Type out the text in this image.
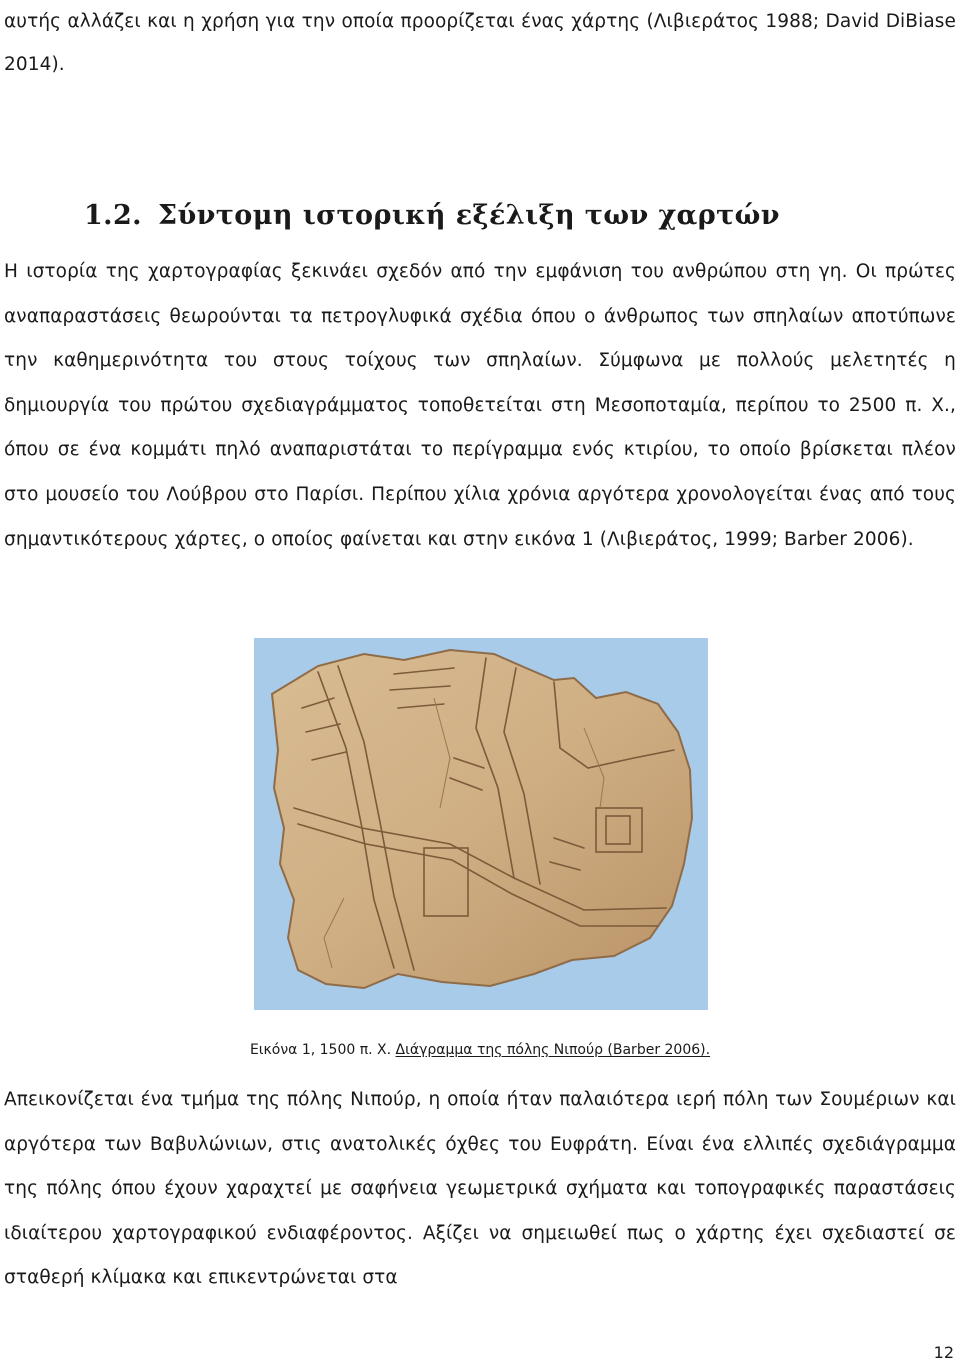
αυτής αλλάζει και η χρήση για την οποία προορίζεται ένας χάρτης (Λιβιεράτος 1988; David DiBiase 2014).

1.2. Σύντομη ιστορική εξέλιξη των χαρτών

Η ιστορία της χαρτογραφίας ξεκινάει σχεδόν από την εμφάνιση του ανθρώπου στη γη. Οι πρώτες αναπαραστάσεις θεωρούνται τα πετρογλυφικά σχέδια όπου ο άνθρωπος των σπηλαίων αποτύπωνε την καθημερινότητα του στους τοίχους των σπηλαίων. Σύμφωνα με πολλούς μελετητές η δημιουργία του πρώτου σχεδιαγράμματος τοποθετείται στη Μεσοποταμία, περίπου το 2500 π. Χ., όπου σε ένα κομμάτι πηλό αναπαριστάται το περίγραμμα ενός κτιρίου, το οποίο βρίσκεται πλέον στο μουσείο του Λούβρου στο Παρίσι. Περίπου χίλια χρόνια αργότερα χρονολογείται ένας από τους σημαντικότερους χάρτες, ο οποίος φαίνεται και στην εικόνα 1 (Λιβιεράτος, 1999; Barber 2006).

Εικόνα 1, 1500 π. Χ. Διάγραμμα της πόλης Νιπούρ (Barber 2006).

Απεικονίζεται ένα τμήμα της πόλης Νιπούρ, η οποία ήταν παλαιότερα ιερή πόλη των Σουμέριων και αργότερα των Βαβυλώνιων, στις ανατολικές όχθες του Ευφράτη. Είναι ένα ελλιπές σχεδιάγραμμα της πόλης όπου έχουν χαραχτεί με σαφήνεια γεωμετρικά σχήματα και τοπογραφικές παραστάσεις ιδιαίτερου χαρτογραφικού ενδιαφέροντος. Αξίζει να σημειωθεί πως ο χάρτης έχει σχεδιαστεί σε σταθερή κλίμακα και επικεντρώνεται στα

12
